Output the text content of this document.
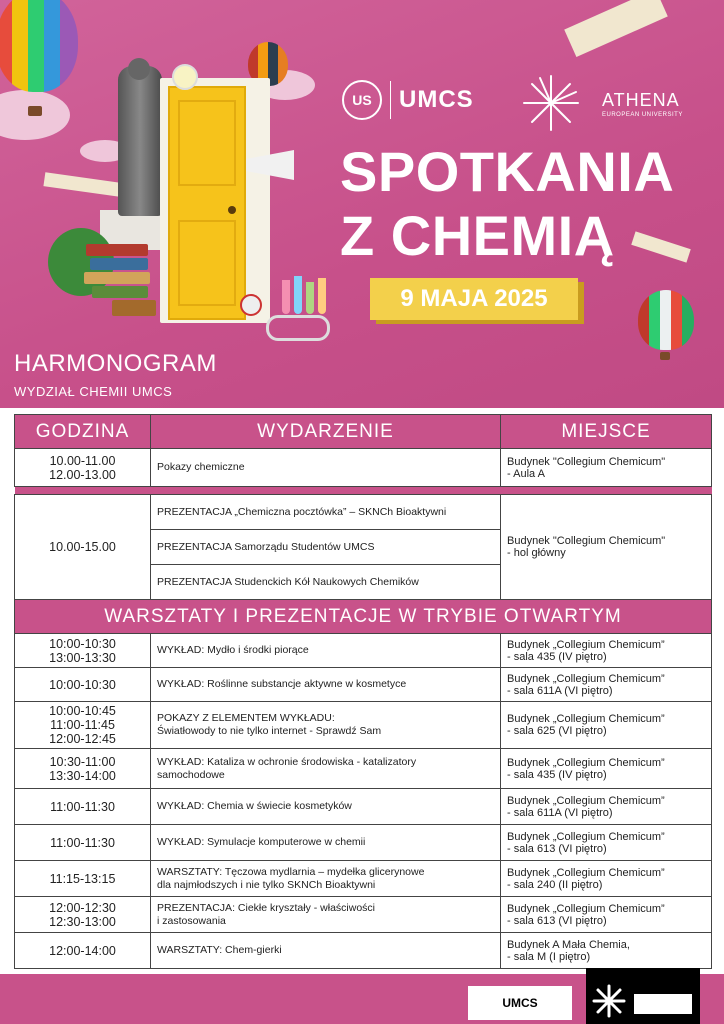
US	UMCS	ATHENA
EUROPEAN UNIVERSITY
SPOTKANIA
Z CHEMIĄ
9 MAJA 2025
HARMONOGRAM
WYDZIAŁ CHEMII UMCS
GODZINA	WYDARZENIE	MIEJSCE
10.00-11.00
12.00-13.00	Pokazy chemiczne	Budynek "Collegium Chemicum"
- Aula A

10.00-15.00	PREZENTACJA „Chemiczna pocztówka” – SKNCh Bioaktywni	Budynek "Collegium Chemicum"
- hol główny
	PREZENTACJA Samorządu Studentów UMCS	
	PREZENTACJA Studenckich Kół Naukowych Chemików	
WARSZTATY I PREZENTACJE W TRYBIE OTWARTYM		
10:00-10:30
13:00-13:30	WYKŁAD: Mydło i środki piorące	Budynek „Collegium Chemicum”
- sala 435 (IV piętro)
10:00-10:30	WYKŁAD: Roślinne substancje aktywne w kosmetyce	Budynek „Collegium Chemicum”
- sala 611A (VI piętro)
10:00-10:45
11:00-11:45
12:00-12:45	POKAZY Z ELEMENTEM WYKŁADU:
Światłowody to nie tylko internet - Sprawdź Sam	Budynek „Collegium Chemicum”
- sala 625 (VI piętro)
10:30-11:00
13:30-14:00	WYKŁAD: Kataliza w ochronie środowiska - katalizatory
samochodowe	Budynek „Collegium Chemicum”
- sala 435 (IV piętro)
11:00-11:30	WYKŁAD: Chemia w świecie kosmetyków	Budynek „Collegium Chemicum”
- sala 611A (VI piętro)
11:00-11:30	WYKŁAD: Symulacje komputerowe w chemii	Budynek „Collegium Chemicum”
- sala 613 (VI piętro)
11:15-13:15	WARSZTATY: Tęczowa mydlarnia – mydełka glicerynowe
dla najmłodszych i nie tylko SKNCh Bioaktywni	Budynek „Collegium Chemicum”
- sala 240 (II piętro)
12:00-12:30
12:30-13:00	PREZENTACJA: Ciekłe kryształy - właściwości
i zastosowania	Budynek „Collegium Chemicum”
- sala 613 (VI piętro)
12:00-14:00	WARSZTATY: Chem-gierki	Budynek A Mała Chemia,
- sala M (I piętro)
UMCS
